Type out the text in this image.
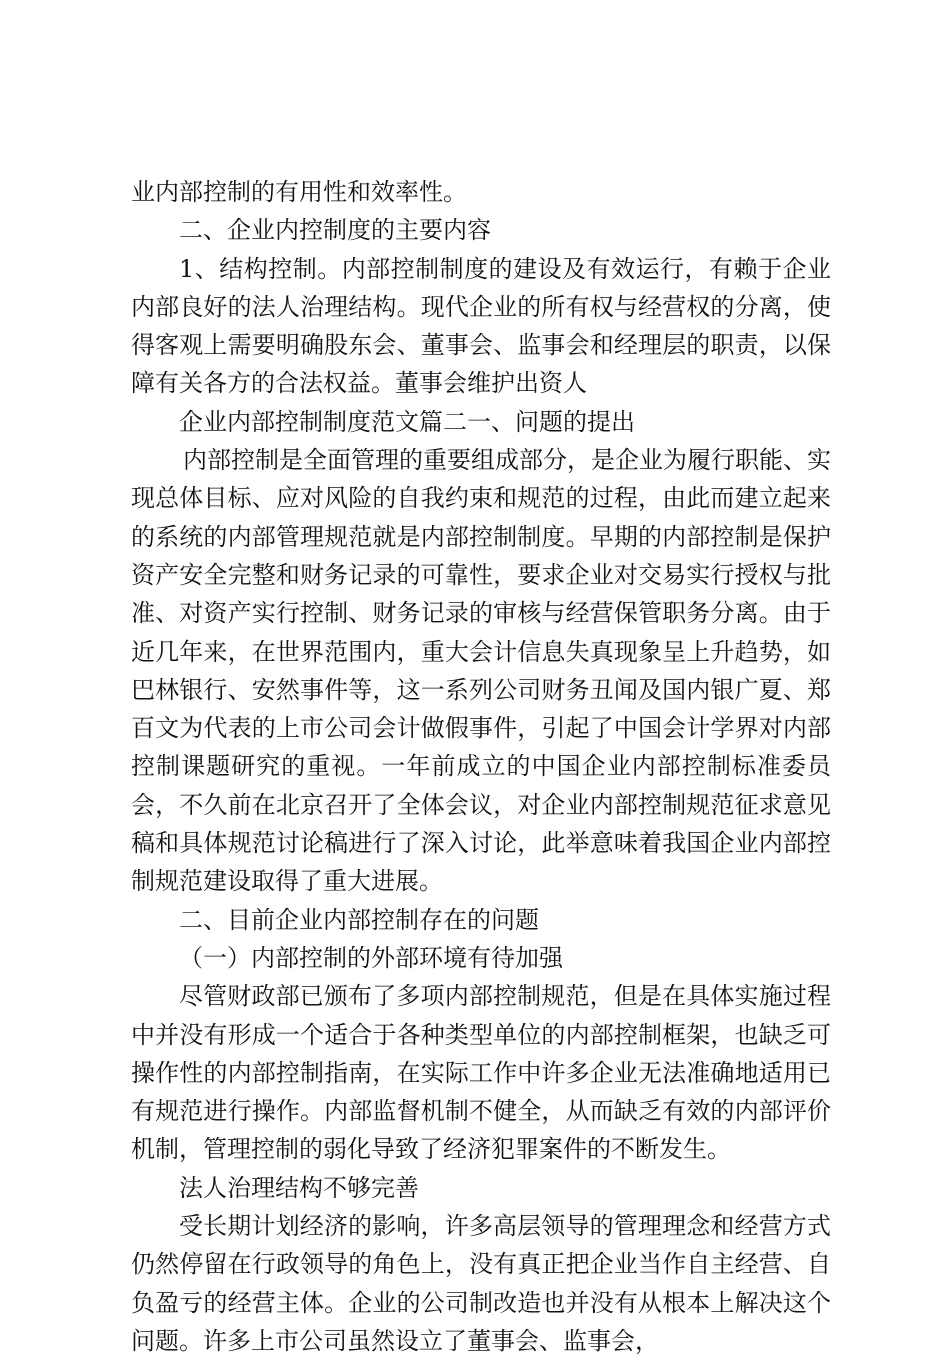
业内部控制的有用性和效率性。

二、企业内控制度的主要内容

1、结构控制。内部控制制度的建设及有效运行，有赖于企业内部良好的法人治理结构。现代企业的所有权与经营权的分离，使得客观上需要明确股东会、董事会、监事会和经理层的职责，以保障有关各方的合法权益。董事会维护出资人

企业内部控制制度范文篇二一、问题的提出

内部控制是全面管理的重要组成部分，是企业为履行职能、实现总体目标、应对风险的自我约束和规范的过程，由此而建立起来的系统的内部管理规范就是内部控制制度。早期的内部控制是保护资产安全完整和财务记录的可靠性，要求企业对交易实行授权与批准、对资产实行控制、财务记录的审核与经营保管职务分离。由于近几年来，在世界范围内，重大会计信息失真现象呈上升趋势，如巴林银行、安然事件等，这一系列公司财务丑闻及国内银广夏、郑百文为代表的上市公司会计做假事件，引起了中国会计学界对内部控制课题研究的重视。一年前成立的中国企业内部控制标准委员会，不久前在北京召开了全体会议，对企业内部控制规范征求意见稿和具体规范讨论稿进行了深入讨论，此举意味着我国企业内部控制规范建设取得了重大进展。

二、目前企业内部控制存在的问题

（一）内部控制的外部环境有待加强

尽管财政部已颁布了多项内部控制规范，但是在具体实施过程中并没有形成一个适合于各种类型单位的内部控制框架，也缺乏可操作性的内部控制指南，在实际工作中许多企业无法准确地适用已有规范进行操作。内部监督机制不健全，从而缺乏有效的内部评价机制，管理控制的弱化导致了经济犯罪案件的不断发生。

法人治理结构不够完善

受长期计划经济的影响，许多高层领导的管理理念和经营方式仍然停留在行政领导的角色上，没有真正把企业当作自主经营、自负盈亏的经营主体。企业的公司制改造也并没有从根本上解决这个问题。许多上市公司虽然设立了董事会、监事会，
